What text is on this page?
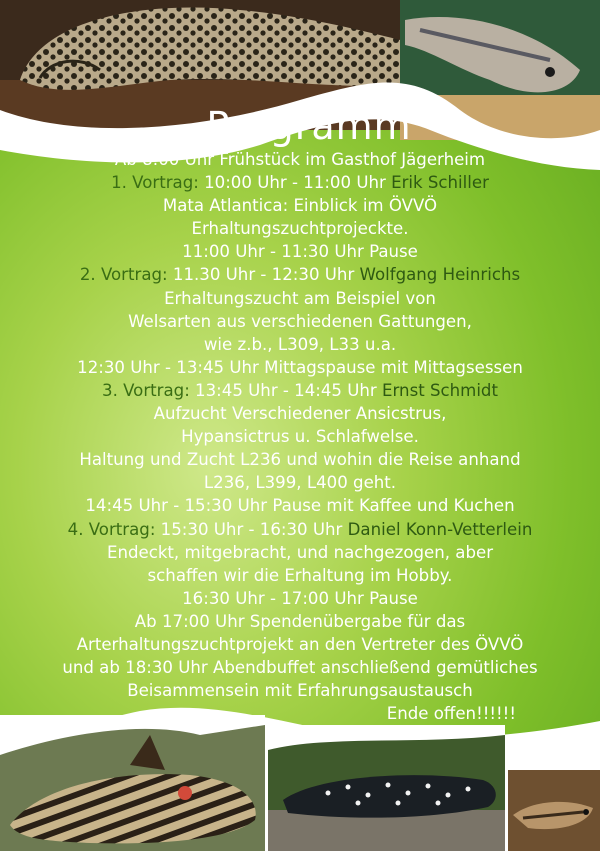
Programm
Ab 8:00 Uhr Frühstück im Gasthof Jägerheim
1. Vortrag: 10:00 Uhr - 11:00 Uhr Erik Schiller
Mata Atlantica: Einblick im ÖVVÖ
Erhaltungszuchtprojeckte.
11:00 Uhr - 11:30 Uhr Pause
2. Vortrag: 11.30 Uhr - 12:30 Uhr Wolfgang Heinrichs
Erhaltungszucht am Beispiel von
Welsarten aus verschiedenen Gattungen,
wie z.b., L309, L33 u.a.
12:30 Uhr - 13:45 Uhr Mittagspause mit Mittagsessen
3. Vortrag: 13:45 Uhr - 14:45 Uhr Ernst Schmidt
Aufzucht Verschiedener Ansicstrus,
Hypansictrus u. Schlafwelse.
Haltung und Zucht L236 und wohin die Reise anhand
L236, L399, L400 geht.
14:45 Uhr - 15:30 Uhr Pause mit Kaffee und Kuchen
4. Vortrag: 15:30 Uhr - 16:30 Uhr Daniel Konn-Vetterlein
Endeckt, mitgebracht, und nachgezogen, aber
schaffen wir die Erhaltung im Hobby.
16:30 Uhr - 17:00 Uhr Pause
Ab 17:00 Uhr Spendenübergabe für das
Arterhaltungszuchtprojekt an den Vertreter des ÖVVÖ
und ab 18:30 Uhr Abendbuffet anschließend gemütliches
Beisammensein mit Erfahrungsaustausch
Ende offen!!!!!!
